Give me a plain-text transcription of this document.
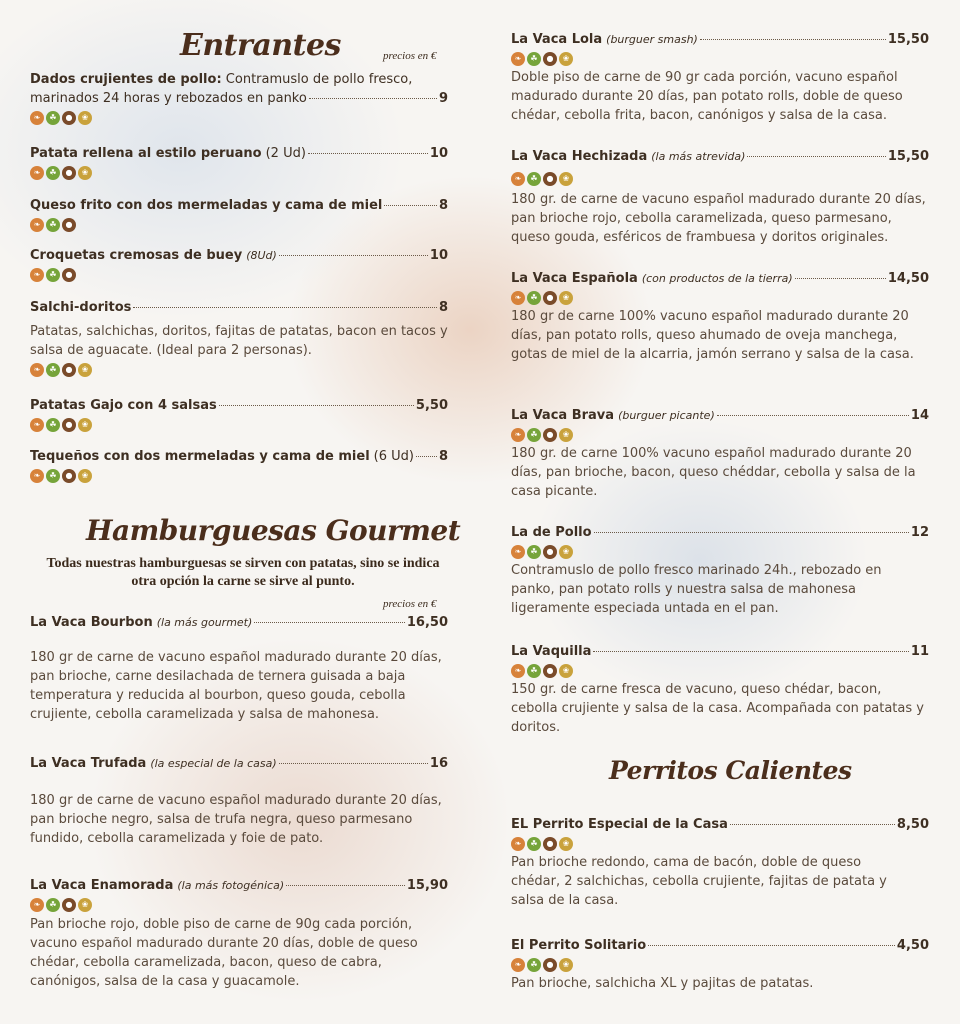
Entrantes	precios en €
Dados crujientes de pollo: Contramuslo de pollo fresco,
marinados 24 horas y rebozados en panko	9
❧	☘	●	❀
Patata rellena al estilo peruano (2 Ud)	10
❧	☘	●	❀
Queso frito con dos mermeladas y cama de miel	8
❧	☘	●
Croquetas cremosas de buey (8Ud)	10
❧	☘	●
Salchi-doritos	8
Patatas, salchichas, doritos, fajitas de patatas, bacon en tacos y salsa de aguacate. (Ideal para 2 personas).
❧	☘	●	❀
Patatas Gajo con 4 salsas	5,50
❧	☘	●	❀
Tequeños con dos mermeladas y cama de miel (6 Ud) 8
❧	☘	●	❀
Hamburguesas Gourmet
Todas nuestras hamburguesas se sirven con patatas, sino se indica otra opción la carne se sirve al punto.
precios en €
La Vaca Bourbon (la más gourmet)	16,50
180 gr de carne de vacuno español madurado durante 20 días, pan brioche, carne desilachada de ternera guisada a baja temperatura y reducida al bourbon, queso gouda, cebolla crujiente, cebolla caramelizada y salsa de mahonesa.
La Vaca Trufada (la especial de la casa)	16
180 gr de carne de vacuno español madurado durante 20 días, pan brioche negro, salsa de trufa negra, queso parmesano fundido, cebolla caramelizada y foie de pato.
La Vaca Enamorada (la más fotogénica)	15,90
❧	☘	●	❀
Pan brioche rojo, doble piso de carne de 90g cada porción, vacuno español madurado durante 20 días, doble de queso chédar, cebolla caramelizada, bacon, queso de cabra, canónigos, salsa de la casa y guacamole.
La Vaca Lola (burguer smash)	15,50
❧	☘	●	❀
Doble piso de carne de 90 gr cada porción, vacuno español madurado durante 20 días, pan potato rolls, doble de queso chédar, cebolla frita, bacon, canónigos y salsa de la casa.
La Vaca Hechizada (la más atrevida)	15,50
❧	☘	●	❀
180 gr. de carne de vacuno español madurado durante 20 días, pan brioche rojo, cebolla caramelizada, queso parmesano, queso gouda, esféricos de frambuesa y doritos originales.
La Vaca Española (con productos de la tierra)	14,50
❧	☘	●	❀
180 gr de carne 100% vacuno español madurado durante 20 días, pan potato rolls, queso ahumado de oveja manchega, gotas de miel de la alcarria, jamón serrano y salsa de la casa.
La Vaca Brava (burguer picante)	14
❧	☘	●	❀
180 gr. de carne 100% vacuno español madurado durante 20 días, pan brioche, bacon, queso chéddar, cebolla y salsa de la casa picante.
La de Pollo	12
❧	☘	●	❀
Contramuslo de pollo fresco marinado 24h., rebozado en panko, pan potato rolls y nuestra salsa de mahonesa ligeramente especiada untada en el pan.
La Vaquilla	11
❧	☘	●	❀
150 gr. de carne fresca de vacuno, queso chédar, bacon, cebolla crujiente y salsa de la casa. Acompañada con patatas y doritos.
Perritos Calientes
EL Perrito Especial de la Casa	8,50
❧	☘	●	❀
Pan brioche redondo, cama de bacón, doble de queso chédar, 2 salchichas, cebolla crujiente, fajitas de patata y salsa de la casa.
El Perrito Solitario	4,50
❧	☘	●	❀
Pan brioche, salchicha XL y pajitas de patatas.
